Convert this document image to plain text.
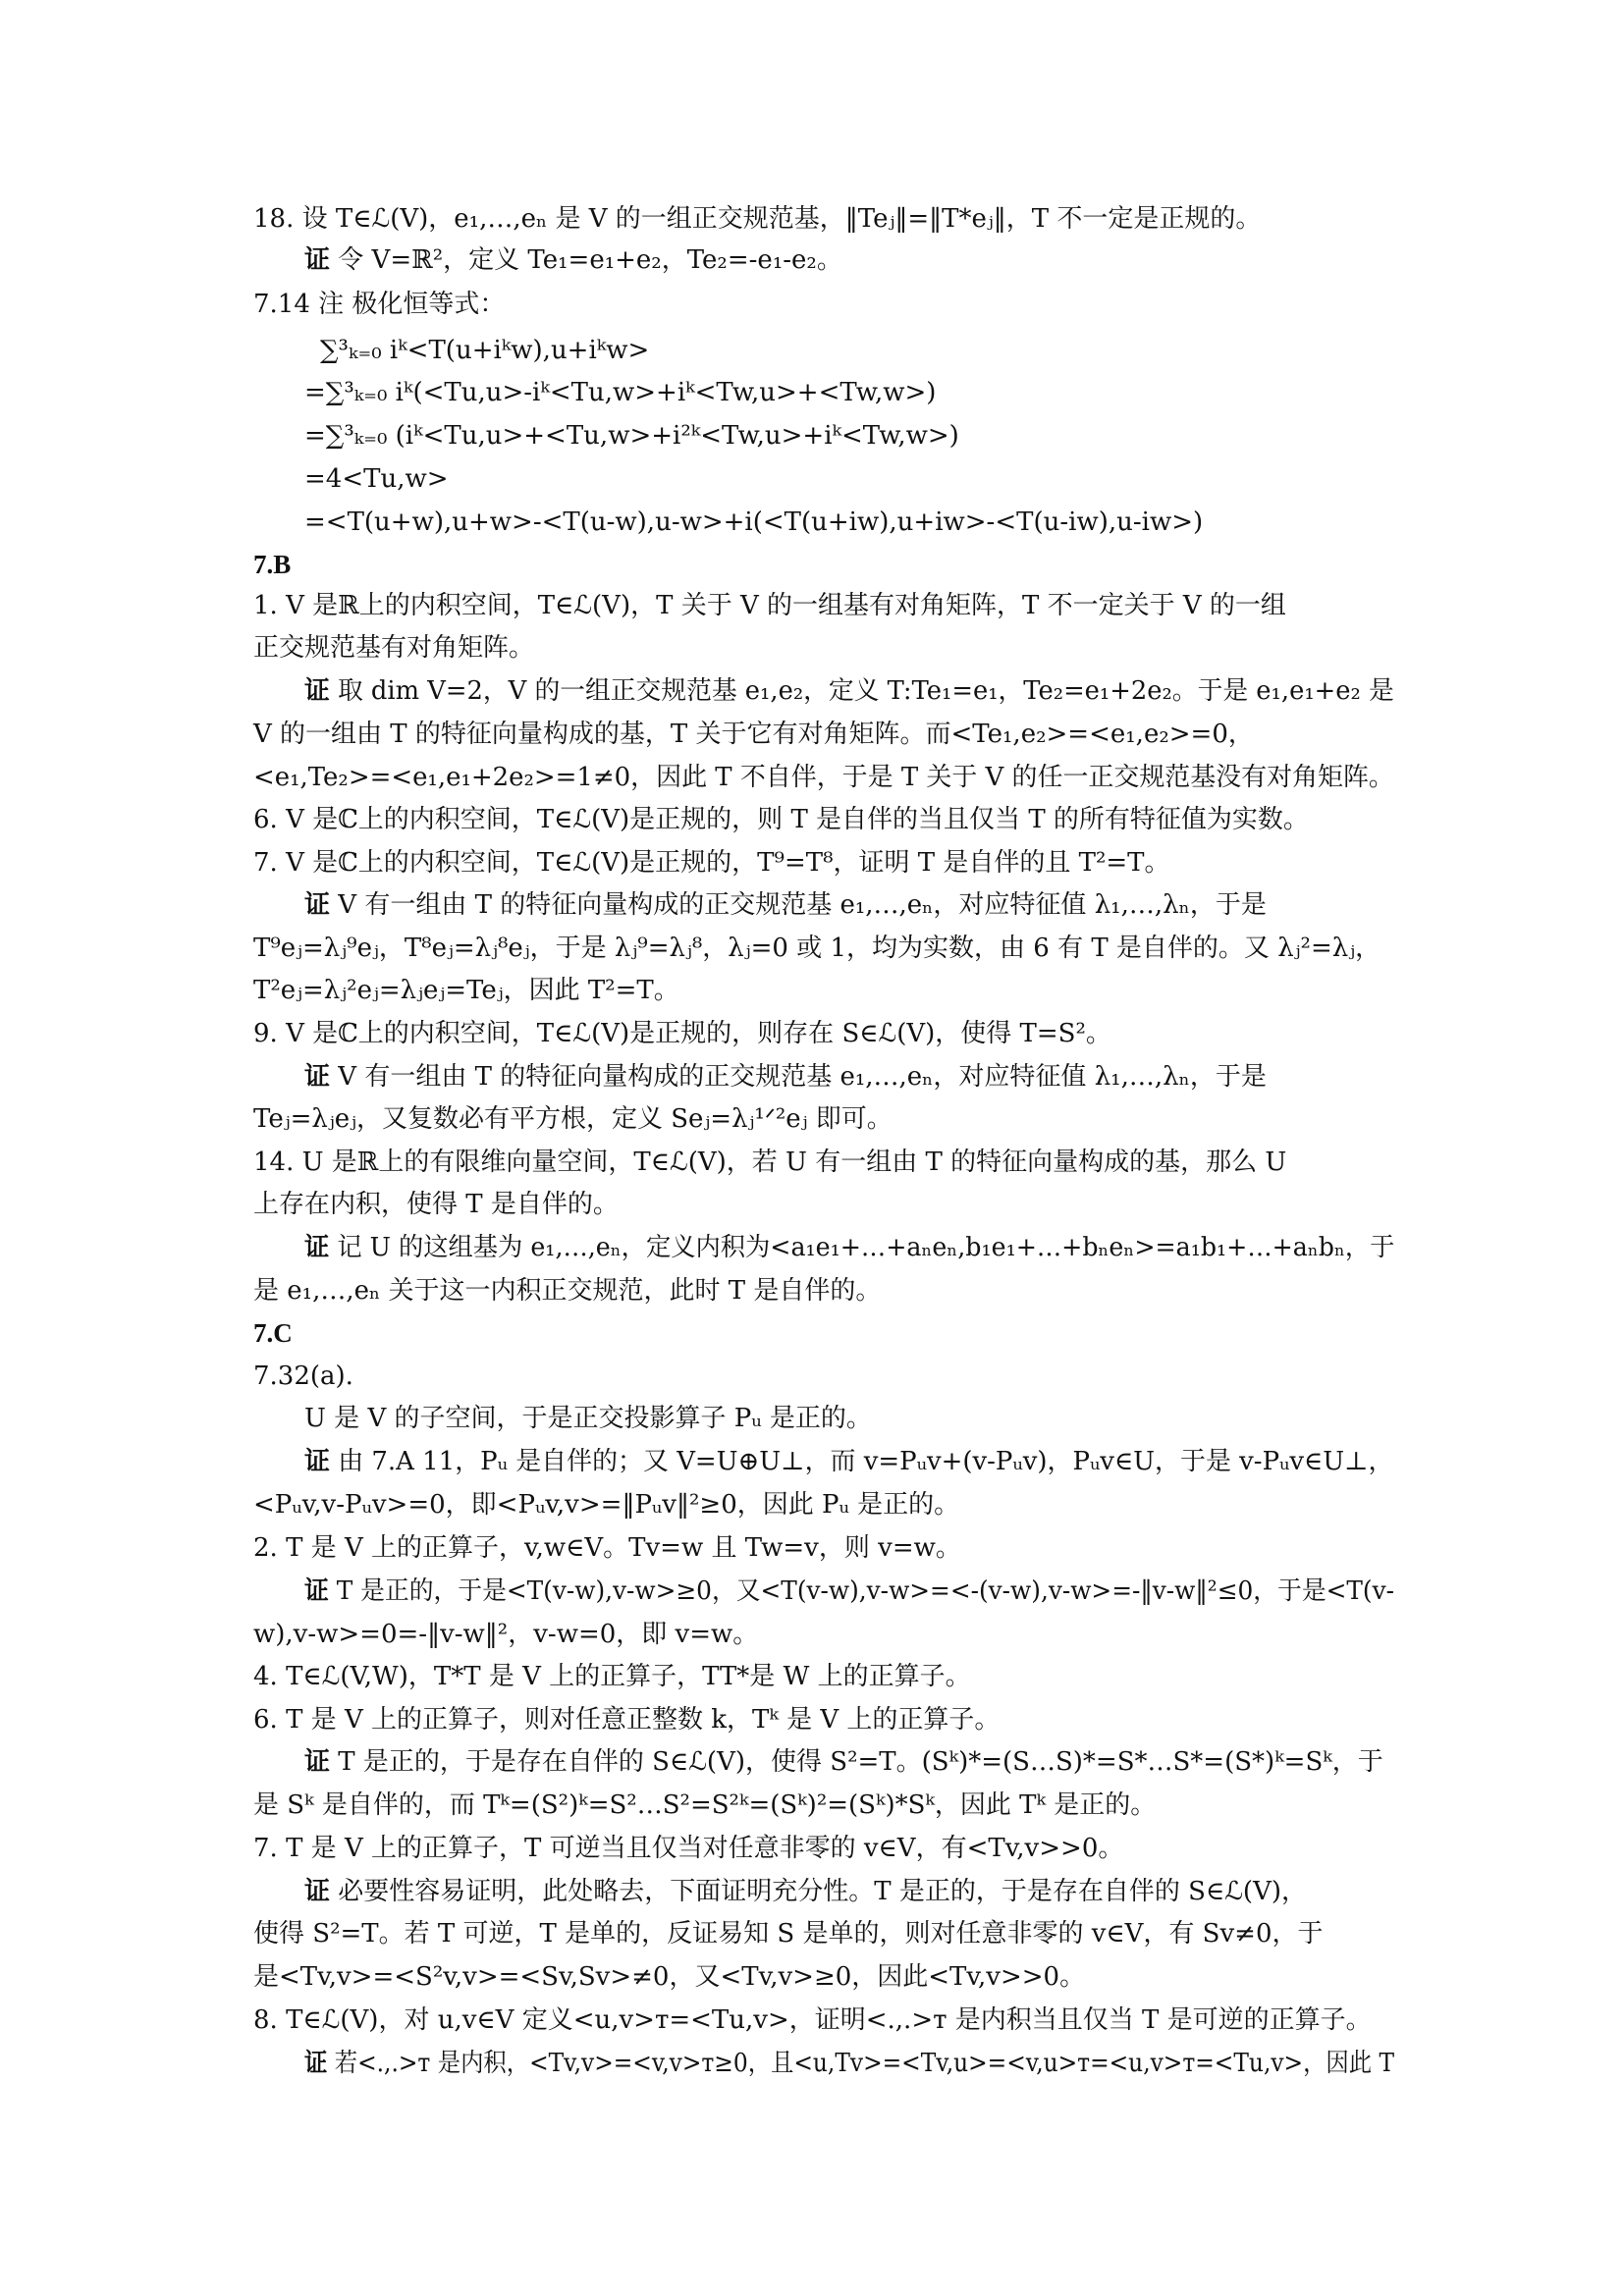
18. 设 T∈ℒ(V)，e₁,…,eₙ 是 V 的一组正交规范基，‖Teⱼ‖=‖T*eⱼ‖，T 不一定是正规的。
证 令 V=ℝ²，定义 Te₁=e₁+e₂，Te₂=-e₁-e₂。
7.14 注 极化恒等式：
∑³ₖ₌₀ iᵏ<T(u+iᵏw),u+iᵏw>
=∑³ₖ₌₀ iᵏ(<Tu,u>-iᵏ<Tu,w>+iᵏ<Tw,u>+<Tw,w>)
=∑³ₖ₌₀ (iᵏ<Tu,u>+<Tu,w>+i²ᵏ<Tw,u>+iᵏ<Tw,w>)
=4<Tu,w>
=<T(u+w),u+w>-<T(u-w),u-w>+i(<T(u+iw),u+iw>-<T(u-iw),u-iw>)
7.B
1. V 是ℝ上的内积空间，T∈ℒ(V)，T 关于 V 的一组基有对角矩阵，T 不一定关于 V 的一组
正交规范基有对角矩阵。
证 取 dim V=2，V 的一组正交规范基 e₁,e₂，定义 T:Te₁=e₁，Te₂=e₁+2e₂。于是 e₁,e₁+e₂ 是
V 的一组由 T 的特征向量构成的基，T 关于它有对角矩阵。而<Te₁,e₂>=<e₁,e₂>=0，
<e₁,Te₂>=<e₁,e₁+2e₂>=1≠0，因此 T 不自伴，于是 T 关于 V 的任一正交规范基没有对角矩阵。
6. V 是ℂ上的内积空间，T∈ℒ(V)是正规的，则 T 是自伴的当且仅当 T 的所有特征值为实数。
7. V 是ℂ上的内积空间，T∈ℒ(V)是正规的，T⁹=T⁸，证明 T 是自伴的且 T²=T。
证 V 有一组由 T 的特征向量构成的正交规范基 e₁,…,eₙ，对应特征值 λ₁,…,λₙ，于是
T⁹eⱼ=λⱼ⁹eⱼ，T⁸eⱼ=λⱼ⁸eⱼ，于是 λⱼ⁹=λⱼ⁸，λⱼ=0 或 1，均为实数，由 6 有 T 是自伴的。又 λⱼ²=λⱼ，
T²eⱼ=λⱼ²eⱼ=λⱼeⱼ=Teⱼ，因此 T²=T。
9. V 是ℂ上的内积空间，T∈ℒ(V)是正规的，则存在 S∈ℒ(V)，使得 T=S²。
证 V 有一组由 T 的特征向量构成的正交规范基 e₁,…,eₙ，对应特征值 λ₁,…,λₙ，于是
Teⱼ=λⱼeⱼ，又复数必有平方根，定义 Seⱼ=λⱼ¹ᐟ²eⱼ 即可。
14. U 是ℝ上的有限维向量空间，T∈ℒ(V)，若 U 有一组由 T 的特征向量构成的基，那么 U
上存在内积，使得 T 是自伴的。
证 记 U 的这组基为 e₁,…,eₙ，定义内积为<a₁e₁+…+aₙeₙ,b₁e₁+…+bₙeₙ>=a₁b₁+…+aₙbₙ，于
是 e₁,…,eₙ 关于这一内积正交规范，此时 T 是自伴的。
7.C
7.32(a).
U 是 V 的子空间，于是正交投影算子 Pᵤ 是正的。
证 由 7.A 11，Pᵤ 是自伴的；又 V=U⊕U⊥，而 v=Pᵤv+(v-Pᵤv)，Pᵤv∈U，于是 v-Pᵤv∈U⊥，
<Pᵤv,v-Pᵤv>=0，即<Pᵤv,v>=‖Pᵤv‖²≥0，因此 Pᵤ 是正的。
2. T 是 V 上的正算子，v,w∈V。Tv=w 且 Tw=v，则 v=w。
证 T 是正的，于是<T(v-w),v-w>≥0，又<T(v-w),v-w>=<-(v-w),v-w>=-‖v-w‖²≤0，于是<T(v-
w),v-w>=0=-‖v-w‖²，v-w=0，即 v=w。
4. T∈ℒ(V,W)，T*T 是 V 上的正算子，TT*是 W 上的正算子。
6. T 是 V 上的正算子，则对任意正整数 k，Tᵏ 是 V 上的正算子。
证 T 是正的，于是存在自伴的 S∈ℒ(V)，使得 S²=T。(Sᵏ)*=(S…S)*=S*…S*=(S*)ᵏ=Sᵏ，于
是 Sᵏ 是自伴的，而 Tᵏ=(S²)ᵏ=S²…S²=S²ᵏ=(Sᵏ)²=(Sᵏ)*Sᵏ，因此 Tᵏ 是正的。
7. T 是 V 上的正算子，T 可逆当且仅当对任意非零的 v∈V，有<Tv,v>>0。
证 必要性容易证明，此处略去，下面证明充分性。T 是正的，于是存在自伴的 S∈ℒ(V)，
使得 S²=T。若 T 可逆，T 是单的，反证易知 S 是单的，则对任意非零的 v∈V，有 Sv≠0，于
是<Tv,v>=<S²v,v>=<Sv,Sv>≠0，又<Tv,v>≥0，因此<Tv,v>>0。
8. T∈ℒ(V)，对 u,v∈V 定义<u,v>ᴛ=<Tu,v>，证明<.,.>ᴛ 是内积当且仅当 T 是可逆的正算子。
证 若<.,.>ᴛ 是内积，<Tv,v>=<v,v>ᴛ≥0，且<u,Tv>=<Tv,u>=<v,u>ᴛ=<u,v>ᴛ=<Tu,v>，因此 T
